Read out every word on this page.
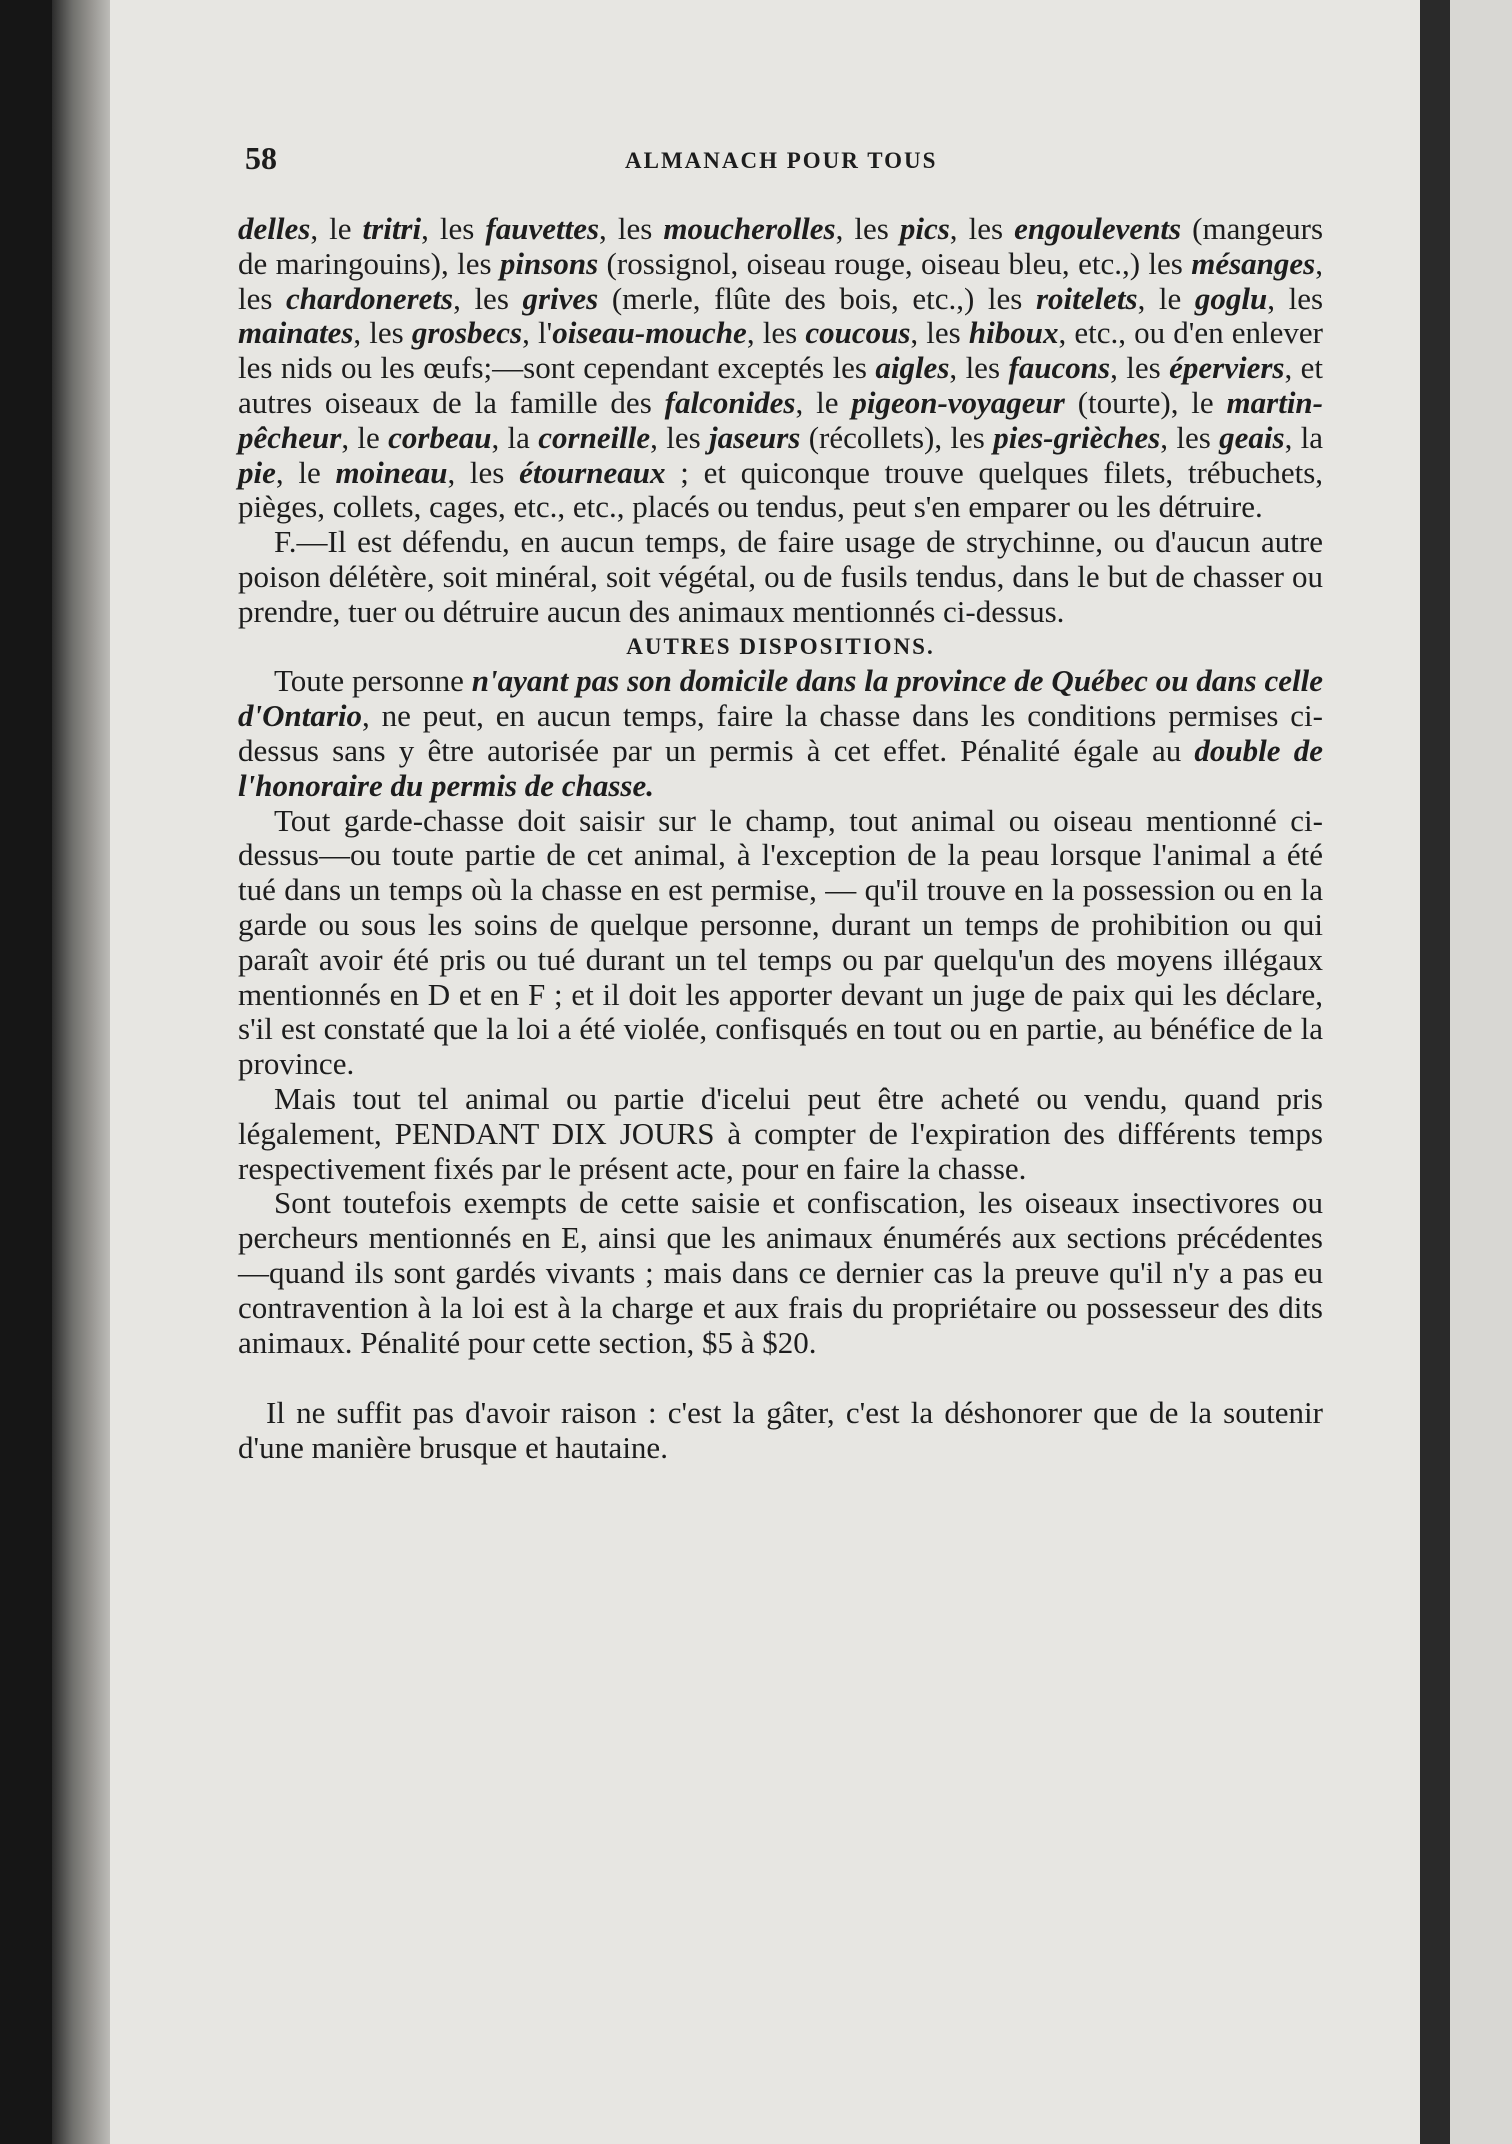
58	ALMANACH POUR TOUS

delles, le tritri, les fauvettes, les moucherolles, les pics, les engoulevents (mangeurs de maringouins), les pinsons (rossignol, oiseau rouge, oiseau bleu, etc.,) les mésanges, les chardonerets, les grives (merle, flûte des bois, etc.,) les roitelets, le goglu, les mainates, les grosbecs, l'oiseau-mouche, les coucous, les hiboux, etc., ou d'en enlever les nids ou les œufs;—sont cependant exceptés les aigles, les faucons, les éperviers, et autres oiseaux de la famille des falconides, le pigeon-voyageur (tourte), le martin-pêcheur, le corbeau, la corneille, les jaseurs (récollets), les pies-grièches, les geais, la pie, le moineau, les étourneaux ; et quiconque trouve quelques filets, trébuchets, pièges, collets, cages, etc., etc., placés ou tendus, peut s'en emparer ou les détruire.

F.—Il est défendu, en aucun temps, de faire usage de strychinne, ou d'aucun autre poison délétère, soit minéral, soit végétal, ou de fusils tendus, dans le but de chasser ou prendre, tuer ou détruire aucun des animaux mentionnés ci-dessus.

AUTRES DISPOSITIONS.

Toute personne n'ayant pas son domicile dans la province de Québec ou dans celle d'Ontario, ne peut, en aucun temps, faire la chasse dans les conditions permises ci-dessus sans y être autorisée par un permis à cet effet. Pénalité égale au double de l'honoraire du permis de chasse.

Tout garde-chasse doit saisir sur le champ, tout animal ou oiseau mentionné ci-dessus—ou toute partie de cet animal, à l'exception de la peau lorsque l'animal a été tué dans un temps où la chasse en est permise, — qu'il trouve en la possession ou en la garde ou sous les soins de quelque personne, durant un temps de prohibition ou qui paraît avoir été pris ou tué durant un tel temps ou par quelqu'un des moyens illégaux mentionnés en D et en F ; et il doit les apporter devant un juge de paix qui les déclare, s'il est constaté que la loi a été violée, confisqués en tout ou en partie, au bénéfice de la province.

Mais tout tel animal ou partie d'icelui peut être acheté ou vendu, quand pris légalement, PENDANT DIX JOURS à compter de l'expiration des différents temps respectivement fixés par le présent acte, pour en faire la chasse.

Sont toutefois exempts de cette saisie et confiscation, les oiseaux insectivores ou percheurs mentionnés en E, ainsi que les animaux énumérés aux sections précédentes—quand ils sont gardés vivants ; mais dans ce dernier cas la preuve qu'il n'y a pas eu contravention à la loi est à la charge et aux frais du propriétaire ou possesseur des dits animaux. Pénalité pour cette section, $5 à $20.

Il ne suffit pas d'avoir raison : c'est la gâter, c'est la déshonorer que de la soutenir d'une manière brusque et hautaine.
